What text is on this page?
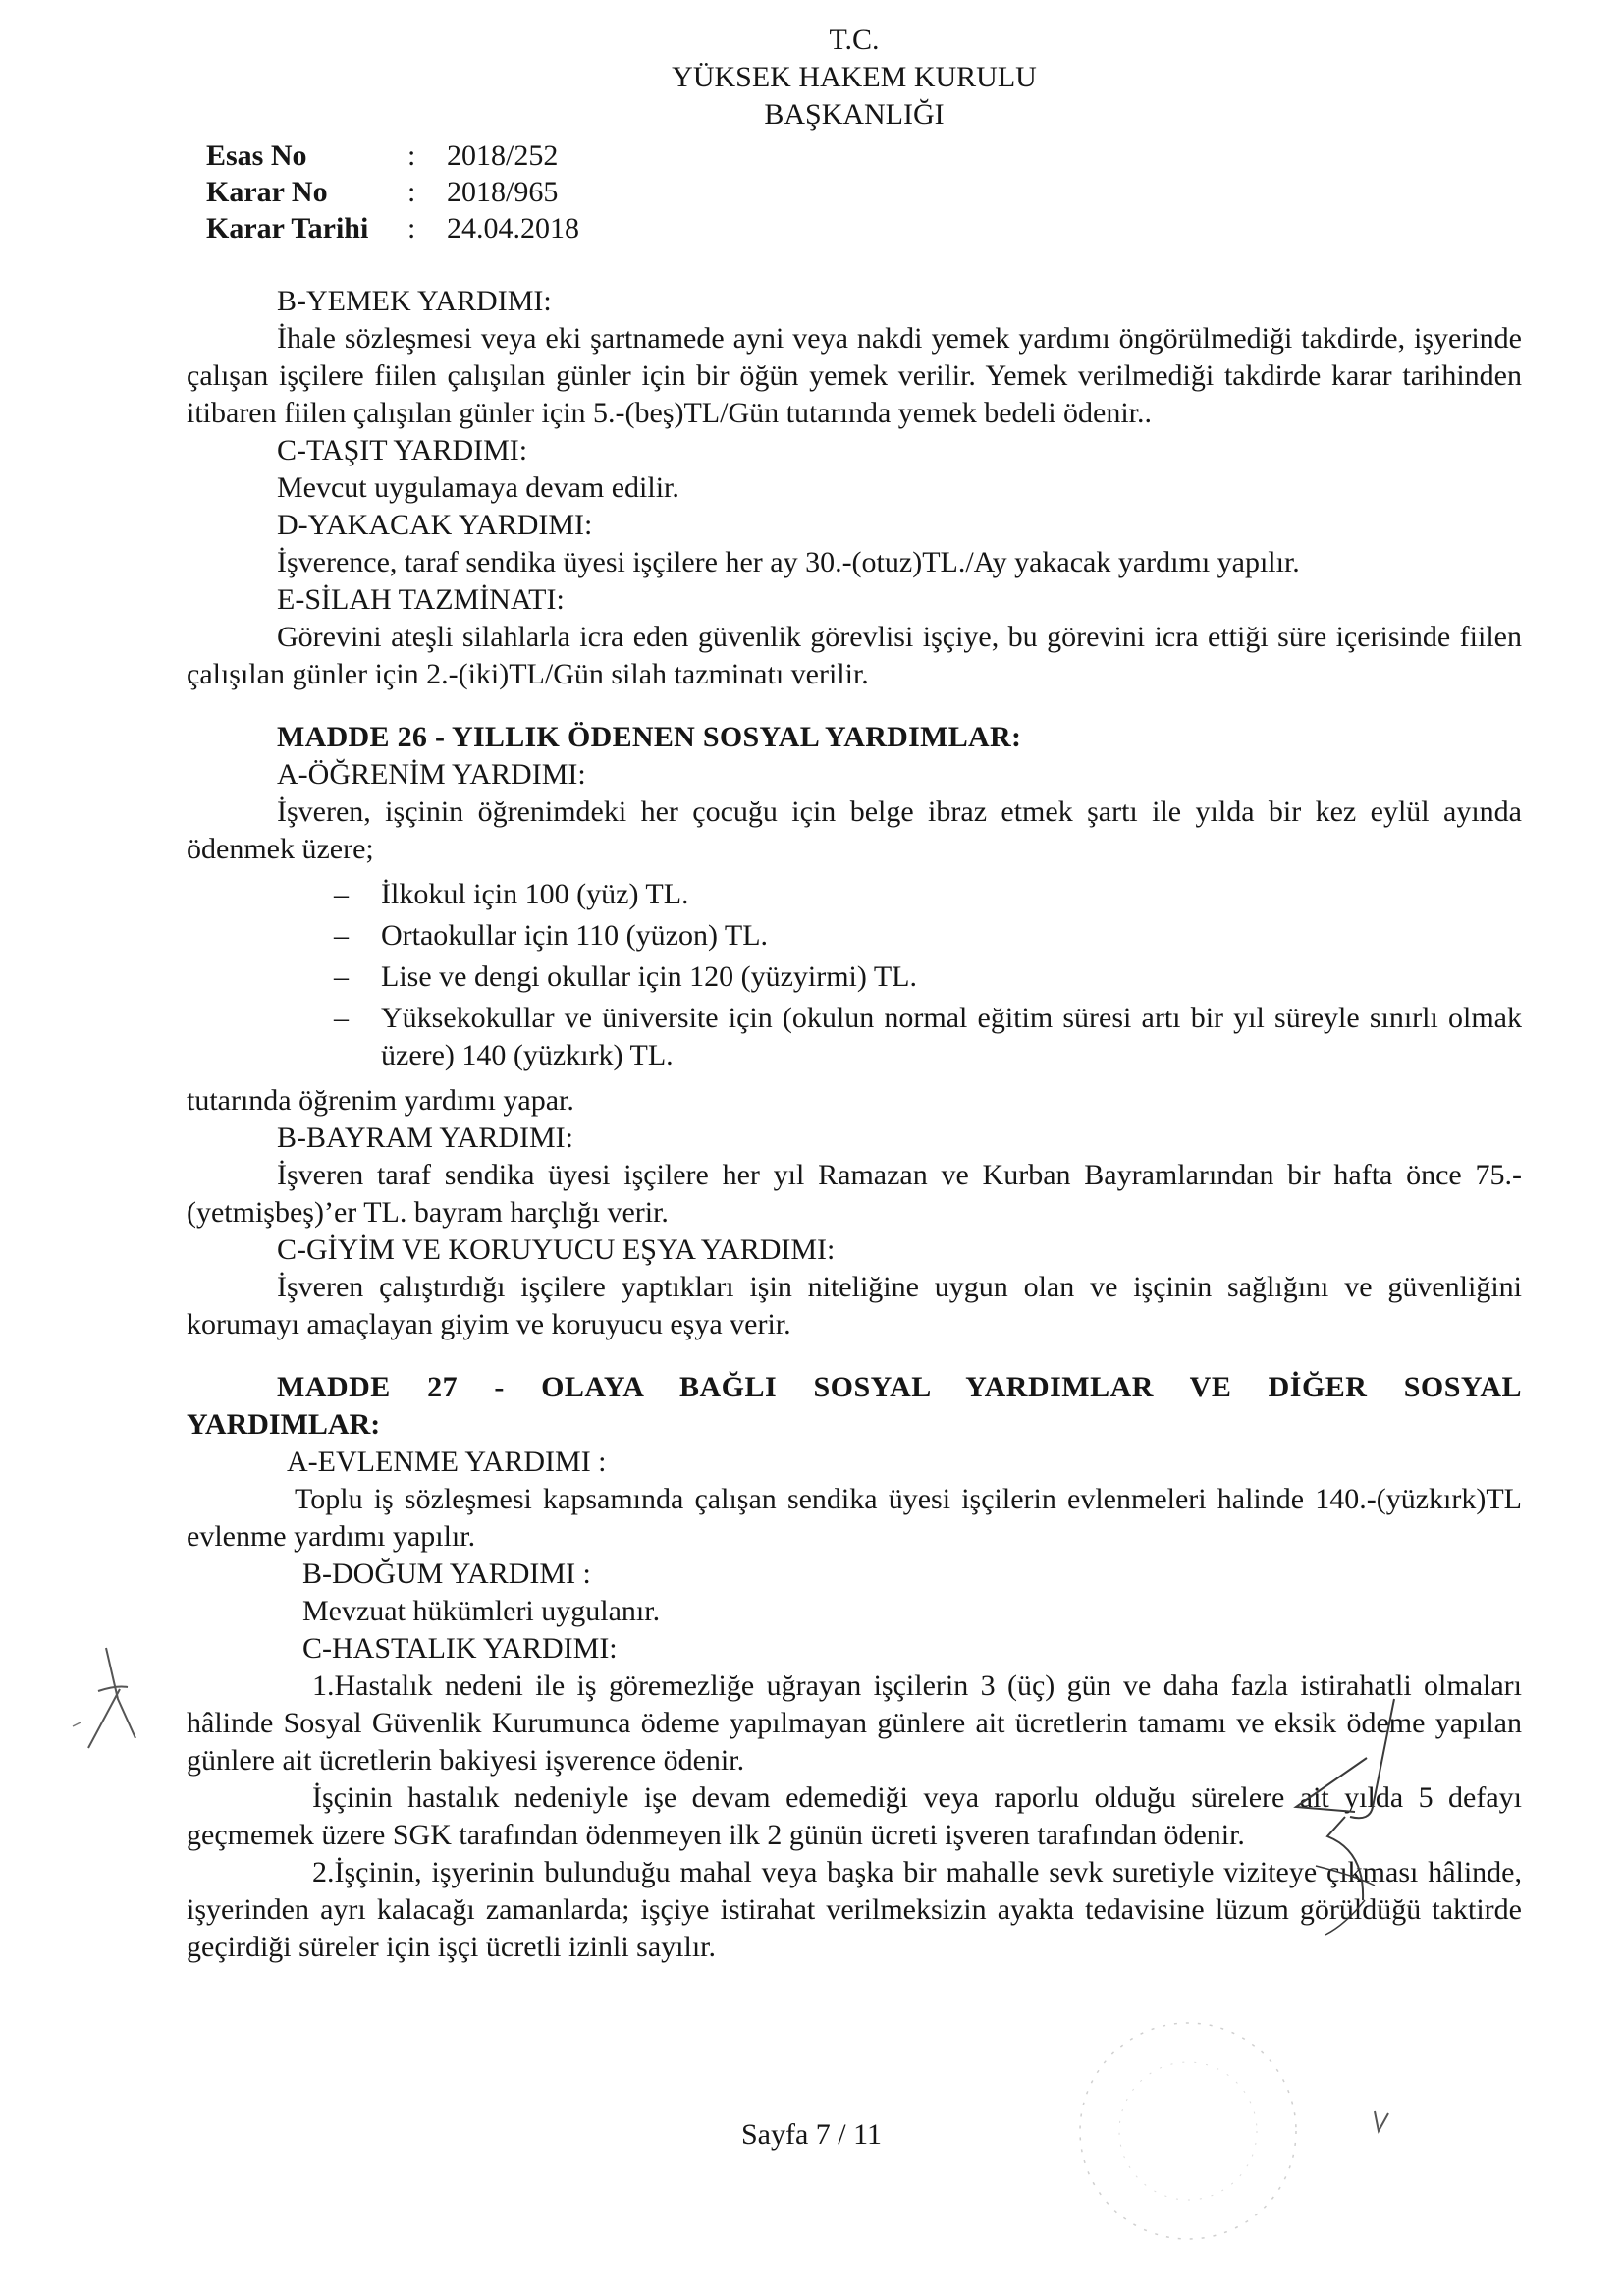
T.C.
YÜKSEK HAKEM KURULU
BAŞKANLIĞI
Esas No	:	2018/252
Karar No	:	2018/965
Karar Tarihi	:	24.04.2018

B-YEMEK YARDIMI:

İhale sözleşmesi veya eki şartnamede ayni veya nakdi yemek yardımı öngörülmediği takdirde, işyerinde çalışan işçilere fiilen çalışılan günler için bir öğün yemek verilir. Yemek verilmediği takdirde karar tarihinden itibaren fiilen çalışılan günler için 5.-(beş)TL/Gün tutarında yemek bedeli ödenir..

C-TAŞIT YARDIMI:

Mevcut uygulamaya devam edilir.

D-YAKACAK YARDIMI:

İşverence, taraf sendika üyesi işçilere her ay 30.-(otuz)TL./Ay yakacak yardımı yapılır.

E-SİLAH TAZMİNATI:

Görevini ateşli silahlarla icra eden güvenlik görevlisi işçiye, bu görevini icra ettiği süre içerisinde fiilen çalışılan günler için 2.-(iki)TL/Gün silah tazminatı verilir.

MADDE 26 - YILLIK ÖDENEN SOSYAL YARDIMLAR:

A-ÖĞRENİM YARDIMI:

İşveren, işçinin öğrenimdeki her çocuğu için belge ibraz etmek şartı ile yılda bir kez eylül ayında ödenmek üzere;

– İlkokul için 100 (yüz) TL.
– Ortaokullar için 110 (yüzon) TL.
– Lise ve dengi okullar için 120 (yüzyirmi) TL.
– Yüksekokullar ve üniversite için (okulun normal eğitim süresi artı bir yıl süreyle sınırlı olmak üzere) 140 (yüzkırk) TL.

tutarında öğrenim yardımı yapar.

B-BAYRAM YARDIMI:

İşveren taraf sendika üyesi işçilere her yıl Ramazan ve Kurban Bayramlarından bir hafta önce 75.-(yetmişbeş)’er TL. bayram harçlığı verir.

C-GİYİM VE KORUYUCU EŞYA YARDIMI:

İşveren çalıştırdığı işçilere yaptıkları işin niteliğine uygun olan ve işçinin sağlığını ve güvenliğini korumayı amaçlayan giyim ve koruyucu eşya verir.

MADDE 27 - OLAYA BAĞLI SOSYAL YARDIMLAR VE DİĞER SOSYAL

YARDIMLAR:

A-EVLENME YARDIMI :

Toplu iş sözleşmesi kapsamında çalışan sendika üyesi işçilerin evlenmeleri halinde 140.-(yüzkırk)TL evlenme yardımı yapılır.

B-DOĞUM YARDIMI :

Mevzuat hükümleri uygulanır.

C-HASTALIK YARDIMI:

1.Hastalık nedeni ile iş göremezliğe uğrayan işçilerin 3 (üç) gün ve daha fazla istirahatli olmaları hâlinde Sosyal Güvenlik Kurumunca ödeme yapılmayan günlere ait ücretlerin tamamı ve eksik ödeme yapılan günlere ait ücretlerin bakiyesi işverence ödenir.

İşçinin hastalık nedeniyle işe devam edemediği veya raporlu olduğu sürelere ait yılda 5 defayı geçmemek üzere SGK tarafından ödenmeyen ilk 2 günün ücreti işveren tarafından ödenir.

2.İşçinin, işyerinin bulunduğu mahal veya başka bir mahalle sevk suretiyle viziteye çıkması hâlinde, işyerinden ayrı kalacağı zamanlarda; işçiye istirahat verilmeksizin ayakta tedavisine lüzum görüldüğü taktirde geçirdiği süreler için işçi ücretli izinli sayılır.

Sayfa 7 / 11
